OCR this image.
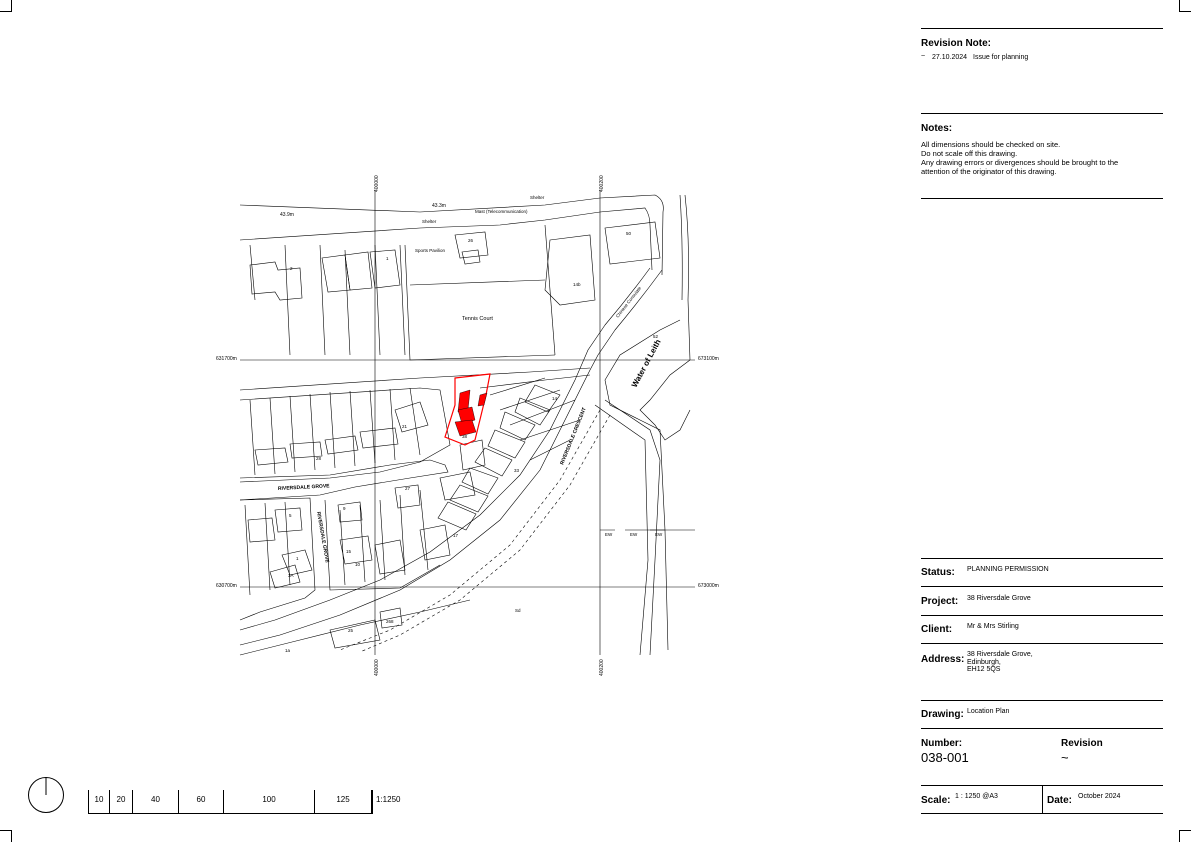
631700m
630700m
673100m
673000m
400000	400200
400000	400200
Tennis Court
Water of Leith
RIVERSDALE CRESCENT
RIVERSDALE GROVE
RIVERSDALE GROVE
Sports Pavilion
Mast (Telecommunication)
Shelter
Shelter
43.3m
43.9m
Chinese Consulate
38
2
1
26
50
14b
21
14
28
52
33
17
5
3A
9
27
1
15
10
25
268
1a
Sd
EW	EW	EW
10	20	40	60	100	125	1:1250
Revision Note:
~ 27.10.2024 Issue for planning
Notes:
All dimensions should be checked on site.
Do not scale off this drawing.
Any drawing errors or divergences should be brought to the
attention of the originator of this drawing.
Status: PLANNING PERMISSION
Project: 38 Riversdale Grove
Client: Mr & Mrs Stirling
Address: 38 Riversdale Grove,
Edinburgh,
EH12 5QS
Drawing: Location Plan
Number:
038-001
Revision
~
Scale: 1 : 1250 @A3	Date: October 2024
